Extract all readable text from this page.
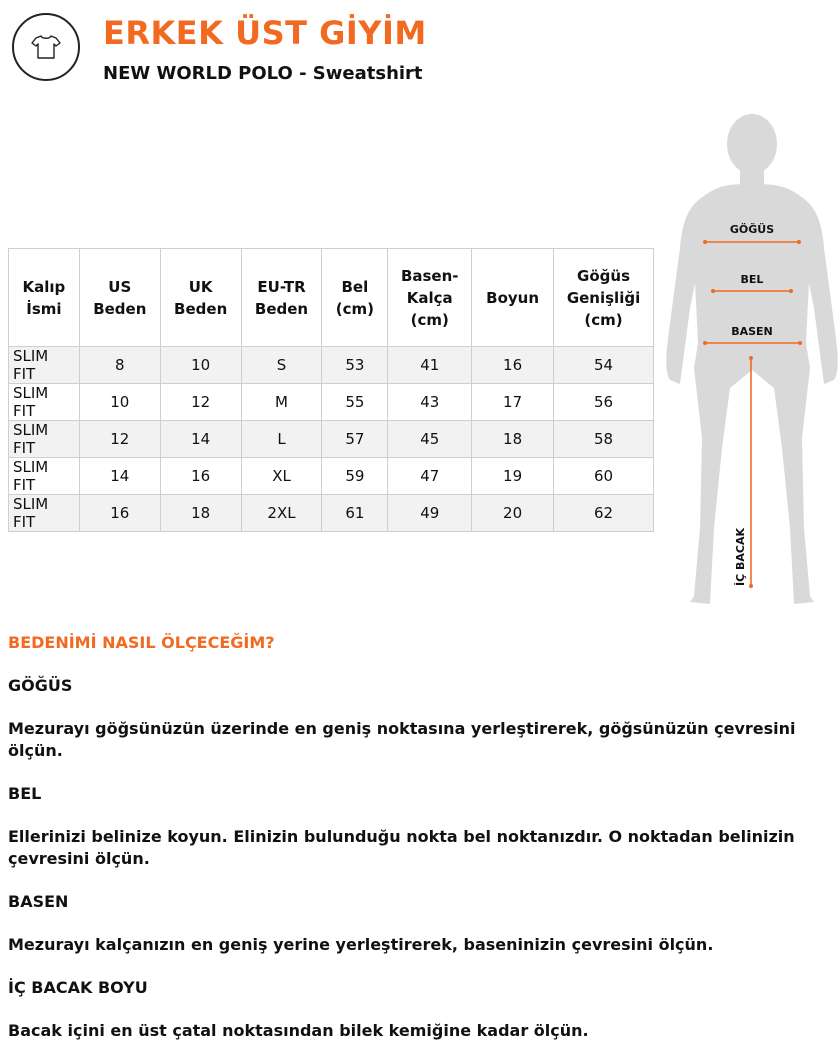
ERKEK ÜST GİYİM
NEW WORLD POLO - Sweatshirt
Kalıp İsmi	US Beden	UK Beden	EU-TR Beden	Bel (cm)	Basen-Kalça (cm)	Boyun	Göğüs Genişliği (cm)
SLIM FIT	8	10	S	53	41	16	54
SLIM FIT	10	12	M	55	43	17	56
SLIM FIT	12	14	L	57	45	18	58
SLIM FIT	14	16	XL	59	47	19	60
SLIM FIT	16	18	2XL	61	49	20	62
GÖĞÜS
BEL
BASEN
İÇ BACAK

BEDENİMİ NASIL ÖLÇECEĞİM?

GÖĞÜS

Mezurayı göğsünüzün üzerinde en geniş noktasına yerleştirerek, göğsünüzün çevresini ölçün.

BEL

Ellerinizi belinize koyun. Elinizin bulunduğu nokta bel noktanızdır. O noktadan belinizin çevresini ölçün.

BASEN

Mezurayı kalçanızın en geniş yerine yerleştirerek, baseninizin çevresini ölçün.

İÇ BACAK BOYU

Bacak içini en üst çatal noktasından bilek kemiğine kadar ölçün.
